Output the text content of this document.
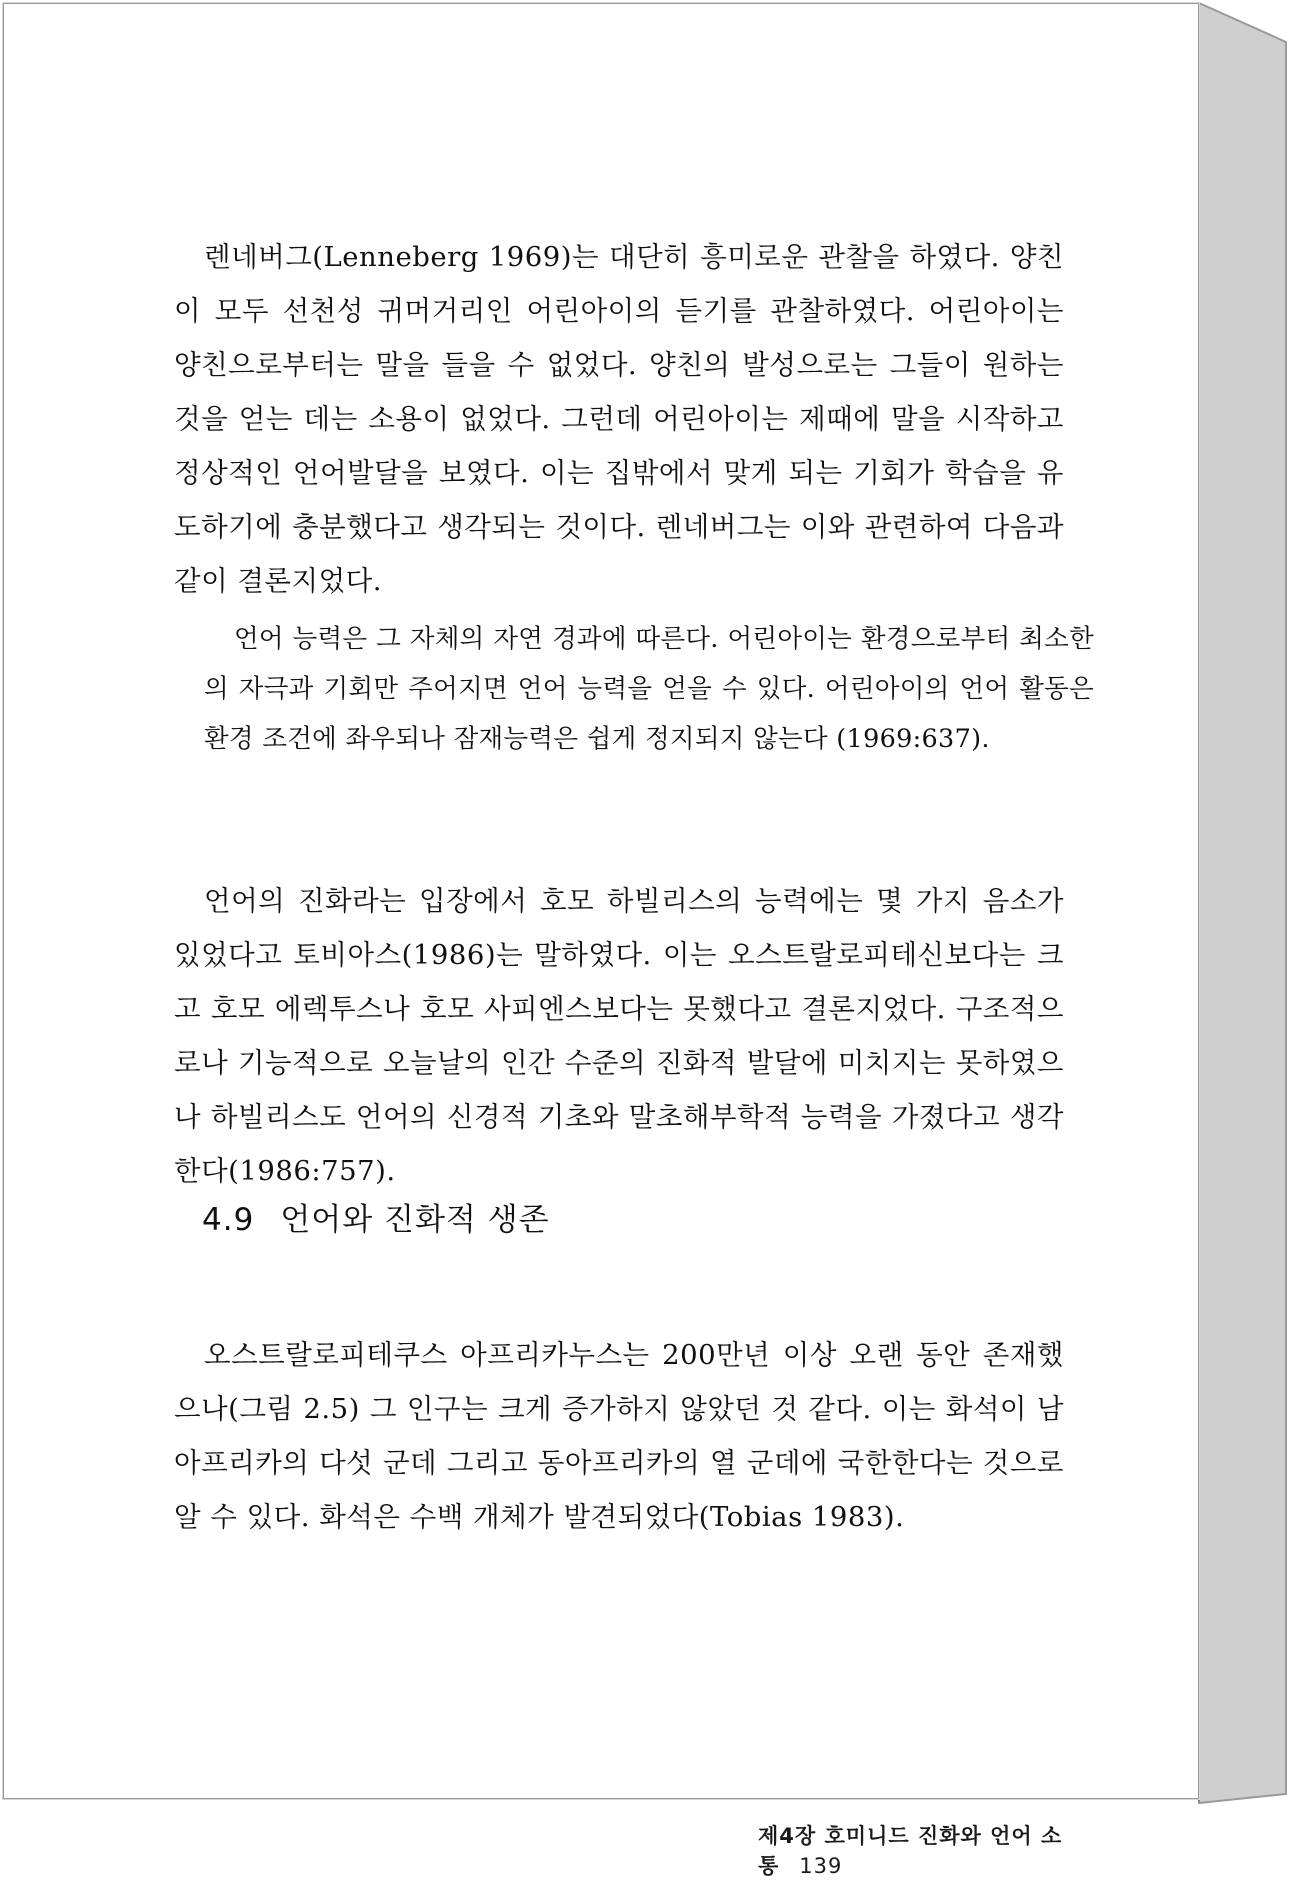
렌네버그(Lenneberg 1969)는 대단히 흥미로운 관찰을 하였다. 양친이 모두 선천성 귀머거리인 어린아이의 듣기를 관찰하였다. 어린아이는 양친으로부터는 말을 들을 수 없었다. 양친의 발성으로는 그들이 원하는 것을 얻는 데는 소용이 없었다. 그런데 어린아이는 제때에 말을 시작하고 정상적인 언어발달을 보였다. 이는 집밖에서 맞게 되는 기회가 학습을 유도하기에 충분했다고 생각되는 것이다. 렌네버그는 이와 관련하여 다음과 같이 결론지었다.

언어 능력은 그 자체의 자연 경과에 따른다. 어린아이는 환경으로부터 최소한의 자극과 기회만 주어지면 언어 능력을 얻을 수 있다. 어린아이의 언어 활동은 환경 조건에 좌우되나 잠재능력은 쉽게 정지되지 않는다 (1969:637).

언어의 진화라는 입장에서 호모 하빌리스의 능력에는 몇 가지 음소가 있었다고 토비아스(1986)는 말하였다. 이는 오스트랄로피테신보다는 크고 호모 에렉투스나 호모 사피엔스보다는 못했다고 결론지었다. 구조적으로나 기능적으로 오늘날의 인간 수준의 진화적 발달에 미치지는 못하였으나 하빌리스도 언어의 신경적 기초와 말초해부학적 능력을 가졌다고 생각한다(1986:757).

4.9 언어와 진화적 생존

오스트랄로피테쿠스 아프리카누스는 200만년 이상 오랜 동안 존재했으나(그림 2.5) 그 인구는 크게 증가하지 않았던 것 같다. 이는 화석이 남아프리카의 다섯 군데 그리고 동아프리카의 열 군데에 국한한다는 것으로 알 수 있다. 화석은 수백 개체가 발견되었다(Tobias 1983).

제4장 호미니드 진화와 언어 소통 139
